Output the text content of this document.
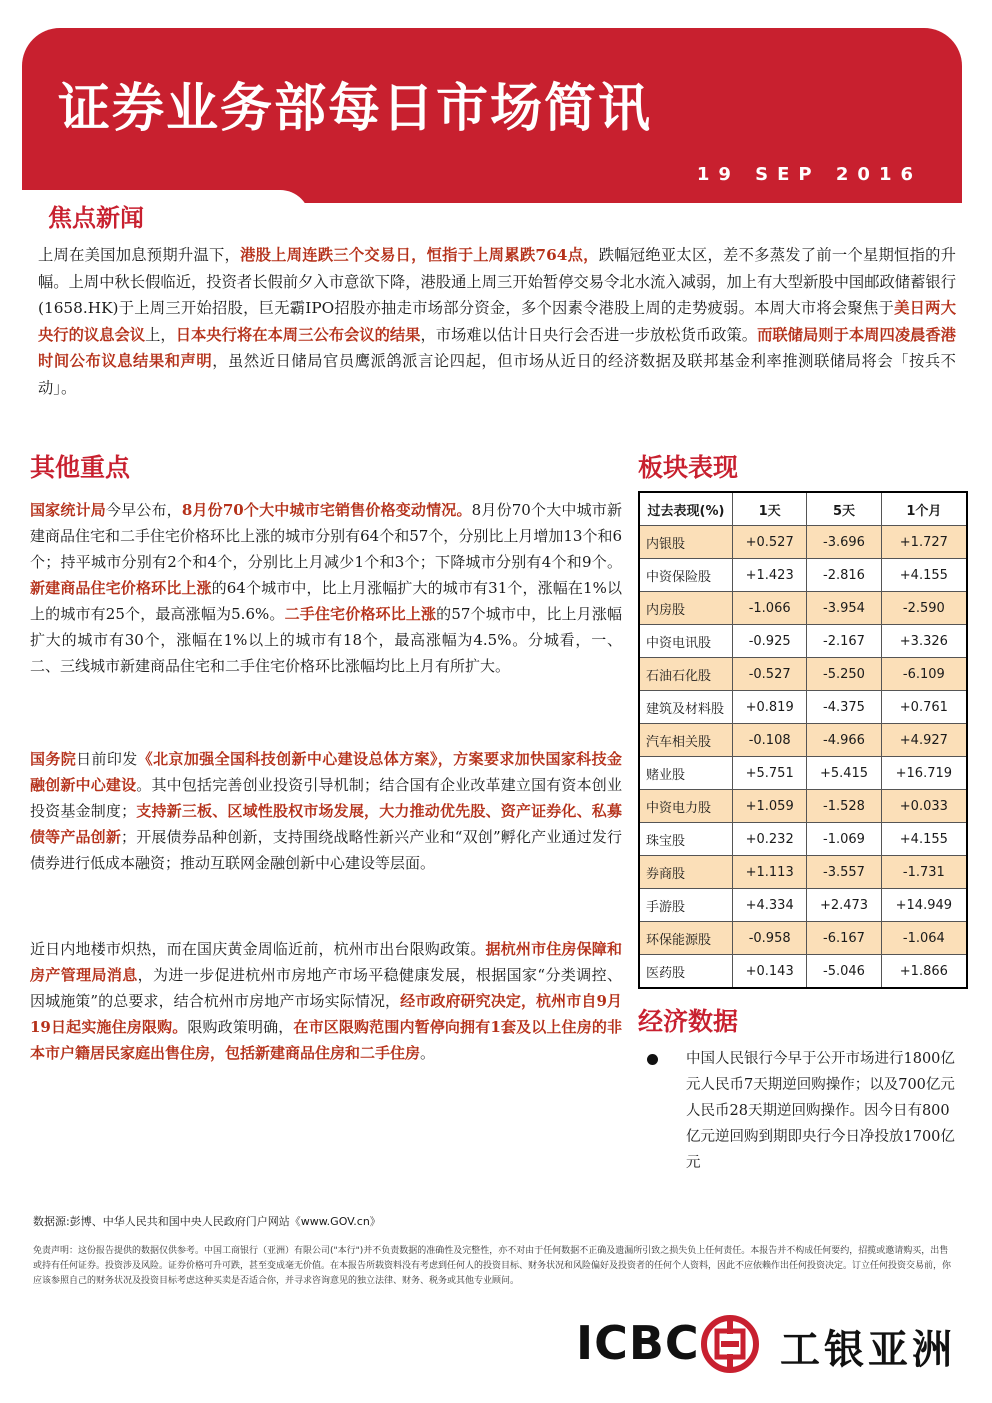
证券业务部每日市场简讯
19 SEP 2016
焦点新闻
上周在美国加息预期升温下，港股上周连跌三个交易日，恒指于上周累跌764点，跌幅冠绝亚太区，差不多蒸发了前一个星期恒指的升幅。上周中秋长假临近，投资者长假前夕入市意欲下降，港股通上周三开始暂停交易令北水流入减弱，加上有大型新股中国邮政储蓄银行(1658.HK)于上周三开始招股，巨无霸IPO招股亦抽走市场部分资金，多个因素令港股上周的走势疲弱。本周大市将会聚焦于美日两大央行的议息会议上，日本央行将在本周三公布会议的结果，市场难以估计日央行会否进一步放松货币政策。而联储局则于本周四凌晨香港时间公布议息结果和声明，虽然近日储局官员鹰派鸽派言论四起，但市场从近日的经济数据及联邦基金利率推测联储局将会「按兵不动」。
其他重点	板块表现
国家统计局今早公布，8月份70个大中城市宅销售价格变动情况。8月份70个大中城市新建商品住宅和二手住宅价格环比上涨的城市分别有64个和57个，分别比上月增加13个和6个；持平城市分别有2个和4个，分别比上月减少1个和3个；下降城市分别有4个和9个。新建商品住宅价格环比上涨的64个城市中，比上月涨幅扩大的城市有31个，涨幅在1%以上的城市有25个，最高涨幅为5.6%。二手住宅价格环比上涨的57个城市中，比上月涨幅扩大的城市有30个，涨幅在1%以上的城市有18个，最高涨幅为4.5%。分城看，一、二、三线城市新建商品住宅和二手住宅价格环比涨幅均比上月有所扩大。
国务院日前印发《北京加强全国科技创新中心建设总体方案》，方案要求加快国家科技金融创新中心建设。其中包括完善创业投资引导机制；结合国有企业改革建立国有资本创业投资基金制度；支持新三板、区域性股权市场发展，大力推动优先股、资产证券化、私募债等产品创新；开展债券品种创新，支持围绕战略性新兴产业和“双创”孵化产业通过发行债券进行低成本融资；推动互联网金融创新中心建设等层面。
近日内地楼市炽热，而在国庆黄金周临近前，杭州市出台限购政策。据杭州市住房保障和房产管理局消息，为进一步促进杭州市房地产市场平稳健康发展，根据国家“分类调控、因城施策”的总要求，结合杭州市房地产市场实际情况，经市政府研究决定，杭州市自9月19日起实施住房限购。限购政策明确，在市区限购范围内暂停向拥有1套及以上住房的非本市户籍居民家庭出售住房，包括新建商品住房和二手住房。
过去表现(%)	1天	5天	1个月
内银股	+0.527	-3.696	+1.727
中资保险股	+1.423	-2.816	+4.155
内房股	-1.066	-3.954	-2.590
中资电讯股	-0.925	-2.167	+3.326
石油石化股	-0.527	-5.250	-6.109
建筑及材料股	+0.819	-4.375	+0.761
汽车相关股	-0.108	-4.966	+4.927
赌业股	+5.751	+5.415	+16.719
中资电力股	+1.059	-1.528	+0.033
珠宝股	+0.232	-1.069	+4.155
券商股	+1.113	-3.557	-1.731
手游股	+4.334	+2.473	+14.949
环保能源股	-0.958	-6.167	-1.064
医药股	+0.143	-5.046	+1.866
经济数据
中国人民银行今早于公开市场进行1800亿元人民币7天期逆回购操作；以及700亿元人民币28天期逆回购操作。因今日有800亿元逆回购到期即央行今日净投放1700亿元
数据源:彭博、中华人民共和国中央人民政府门户网站《www.GOV.cn》
免责声明：这份报告提供的数据仅供参考。中国工商银行（亚洲）有限公司("本行")并不负责数据的准确性及完整性，亦不对由于任何数据不正确及遗漏所引致之损失负上任何责任。本报告并不构成任何要约，招揽或邀请购买，出售或持有任何证券。投资涉及风险。证券价格可升可跌，甚至变成毫无价值。在本报告所载资料没有考虑到任何人的投资目标、财务状况和风险偏好及投资者的任何个人资料，因此不应依赖作出任何投资决定。订立任何投资交易前，你应该参照自己的财务状况及投资目标考虑这种买卖是否适合你，并寻求咨询意见的独立法律、财务、税务或其他专业顾问。
ICBC 工银亚洲
